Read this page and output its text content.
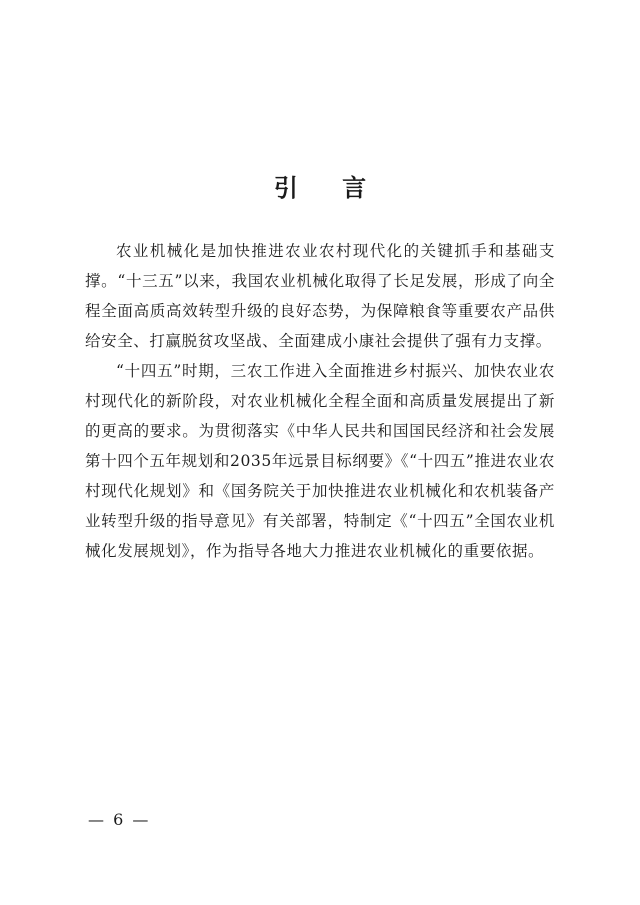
引 言

农业机械化是加快推进农业农村现代化的关键抓手和基础支撑。“十三五”以来，我国农业机械化取得了长足发展，形成了向全程全面高质高效转型升级的良好态势，为保障粮食等重要农产品供给安全、打赢脱贫攻坚战、全面建成小康社会提供了强有力支撑。

“十四五”时期，三农工作进入全面推进乡村振兴、加快农业农村现代化的新阶段，对农业机械化全程全面和高质量发展提出了新的更高的要求。为贯彻落实《中华人民共和国国民经济和社会发展第十四个五年规划和2035年远景目标纲要》《“十四五”推进农业农村现代化规划》和《国务院关于加快推进农业机械化和农机装备产业转型升级的指导意见》有关部署，特制定《“十四五”全国农业机械化发展规划》，作为指导各地大力推进农业机械化的重要依据。

— 6 —
